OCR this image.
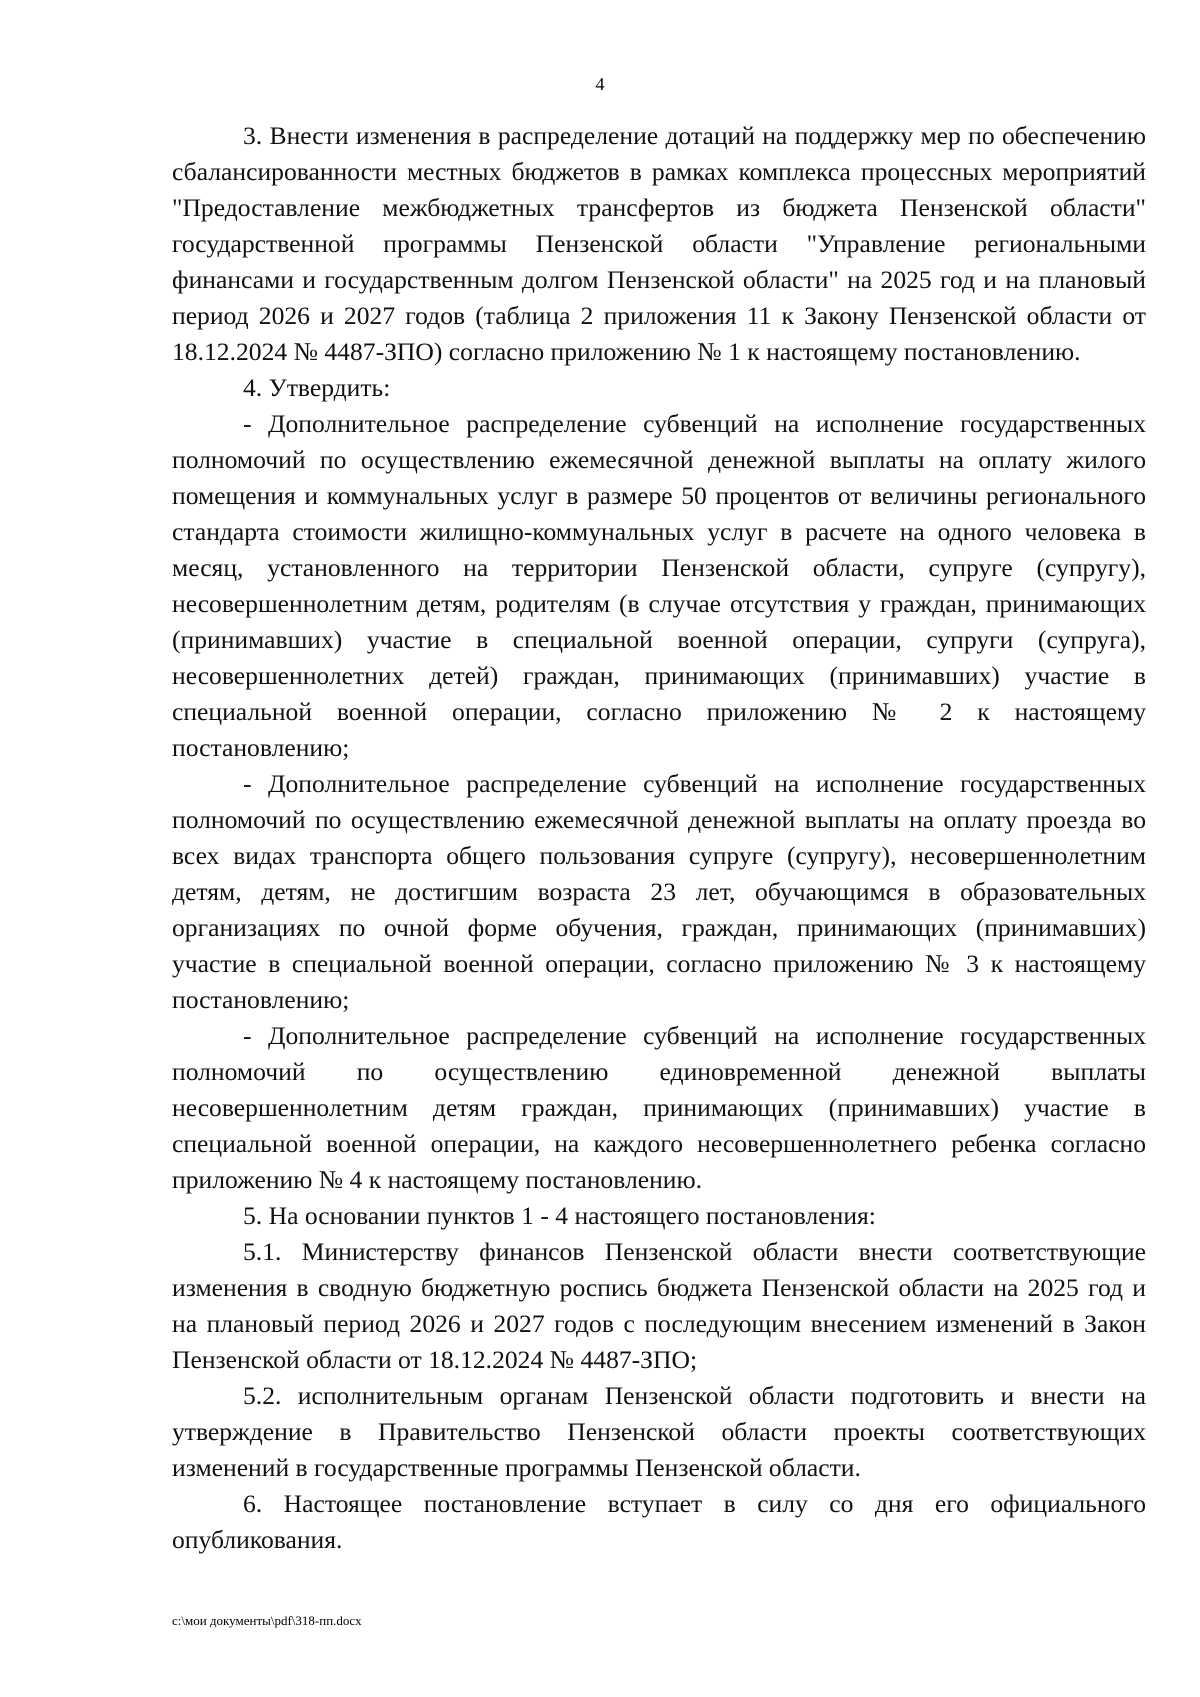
4

3. Внести изменения в распределение дотаций на поддержку мер по обеспечению сбалансированности местных бюджетов в рамках комплекса процессных мероприятий "Предоставление межбюджетных трансфертов из бюджета Пензенской области" государственной программы Пензенской области "Управление региональными финансами и государственным долгом Пензенской области" на 2025 год и на плановый период 2026 и 2027 годов (таблица 2 приложения 11 к Закону Пензенской области от 18.12.2024 № 4487-ЗПО) согласно приложению № 1 к настоящему постановлению.

4. Утвердить:

- Дополнительное распределение субвенций на исполнение государственных полномочий по осуществлению ежемесячной денежной выплаты на оплату жилого помещения и коммунальных услуг в размере 50 процентов от величины регионального стандарта стоимости жилищно-коммунальных услуг в расчете на одного человека в месяц, установленного на территории Пензенской области, супруге (супругу), несовершеннолетним детям, родителям (в случае отсутствия у граждан, принимающих (принимавших) участие в специальной военной операции, супруги (супруга), несовершеннолетних детей) граждан, принимающих (принимавших) участие в специальной военной операции, согласно приложению № 2 к настоящему постановлению;

- Дополнительное распределение субвенций на исполнение государственных полномочий по осуществлению ежемесячной денежной выплаты на оплату проезда во всех видах транспорта общего пользования супруге (супругу), несовершеннолетним детям, детям, не достигшим возраста 23 лет, обучающимся в образовательных организациях по очной форме обучения, граждан, принимающих (принимавших) участие в специальной военной операции, согласно приложению № 3 к настоящему постановлению;

- Дополнительное распределение субвенций на исполнение государственных полномочий по осуществлению единовременной денежной выплаты несовершеннолетним детям граждан, принимающих (принимавших) участие в специальной военной операции, на каждого несовершеннолетнего ребенка согласно приложению № 4 к настоящему постановлению.

5. На основании пунктов 1 - 4 настоящего постановления:

5.1. Министерству финансов Пензенской области внести соответствующие изменения в сводную бюджетную роспись бюджета Пензенской области на 2025 год и на плановый период 2026 и 2027 годов с последующим внесением изменений в Закон Пензенской области от 18.12.2024 № 4487-ЗПО;

5.2. исполнительным органам Пензенской области подготовить и внести на утверждение в Правительство Пензенской области проекты соответствующих изменений в государственные программы Пензенской области.

6. Настоящее постановление вступает в силу со дня его официального опубликования.

c:\мои документы\pdf\318-пп.docx
